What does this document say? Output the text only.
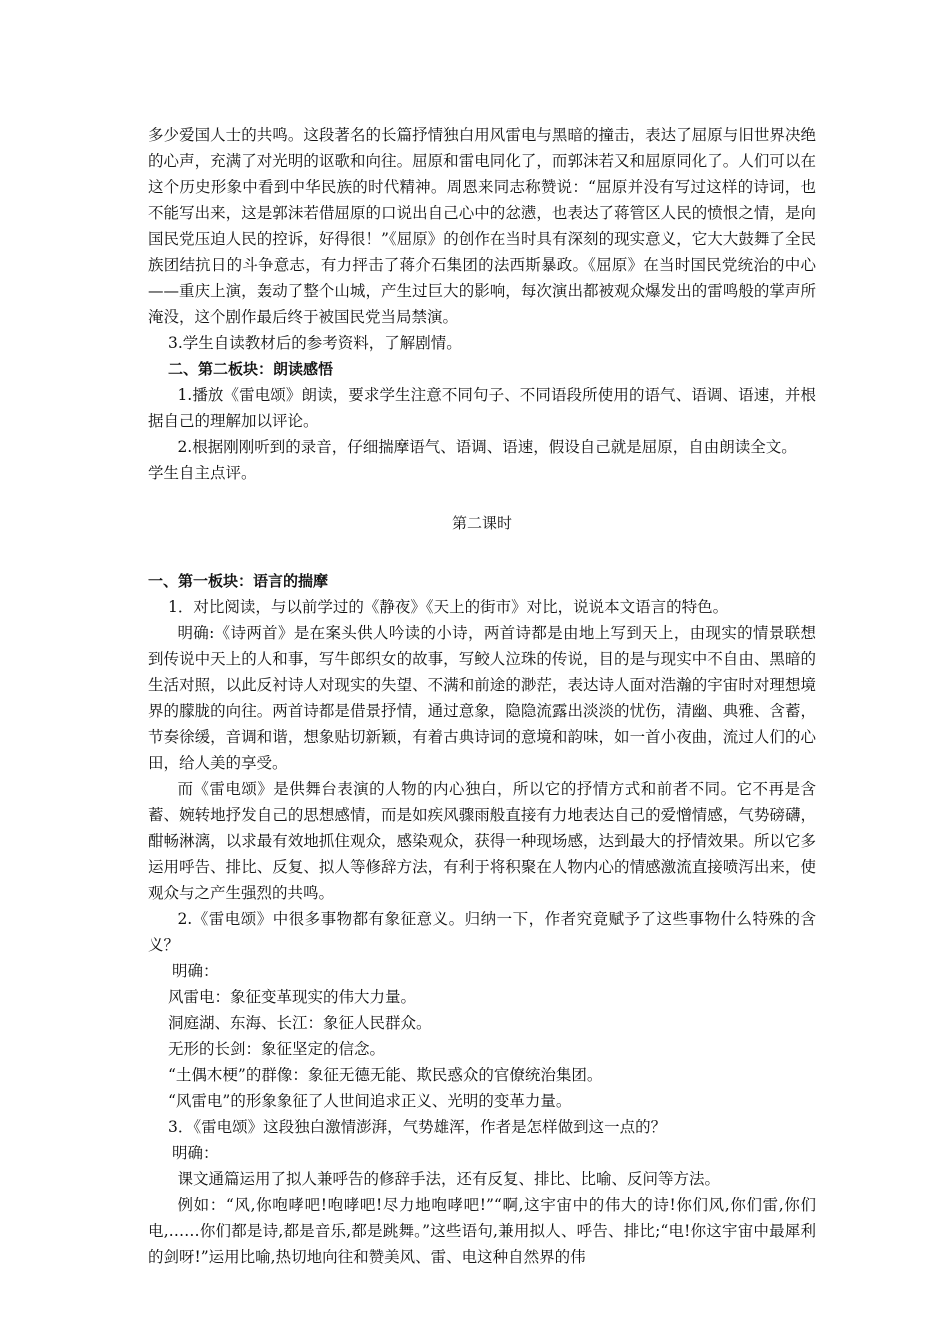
多少爱国人士的共鸣。这段著名的长篇抒情独白用风雷电与黑暗的撞击，表达了屈原与旧世界决绝的心声，充满了对光明的讴歌和向往。屈原和雷电同化了，而郭沫若又和屈原同化了。人们可以在这个历史形象中看到中华民族的时代精神。周恩来同志称赞说：“屈原并没有写过这样的诗词，也不能写出来，这是郭沫若借屈原的口说出自己心中的忿懑，也表达了蒋管区人民的愤恨之情，是向国民党压迫人民的控诉，好得很！”《屈原》的创作在当时具有深刻的现实意义，它大大鼓舞了全民族团结抗日的斗争意志，有力抨击了蒋介石集团的法西斯暴政。《屈原》在当时国民党统治的中心——重庆上演，轰动了整个山城，产生过巨大的影响，每次演出都被观众爆发出的雷鸣般的掌声所淹没，这个剧作最后终于被国民党当局禁演。

3.学生自读教材后的参考资料，了解剧情。

二、第二板块：朗读感悟

1.播放《雷电颂》朗读，要求学生注意不同句子、不同语段所使用的语气、语调、语速，并根据自己的理解加以评论。

2.根据刚刚听到的录音，仔细揣摩语气、语调、语速，假设自己就是屈原，自由朗读全文。
学生自主点评。

第二课时

一、第一板块：语言的揣摩

1．对比阅读，与以前学过的《静夜》《天上的街市》对比，说说本文语言的特色。

明确:《诗两首》是在案头供人吟读的小诗，两首诗都是由地上写到天上，由现实的情景联想到传说中天上的人和事，写牛郎织女的故事，写鲛人泣珠的传说，目的是与现实中不自由、黑暗的生活对照，以此反衬诗人对现实的失望、不满和前途的渺茫，表达诗人面对浩瀚的宇宙时对理想境界的朦胧的向往。两首诗都是借景抒情，通过意象，隐隐流露出淡淡的忧伤，清幽、典雅、含蓄，节奏徐缓，音调和谐，想象贴切新颖，有着古典诗词的意境和韵味，如一首小夜曲，流过人们的心田，给人美的享受。

而《雷电颂》是供舞台表演的人物的内心独白，所以它的抒情方式和前者不同。它不再是含蓄、婉转地抒发自己的思想感情，而是如疾风骤雨般直接有力地表达自己的爱憎情感，气势磅礴，酣畅淋漓，以求最有效地抓住观众，感染观众，获得一种现场感，达到最大的抒情效果。所以它多运用呼告、排比、反复、拟人等修辞方法，有利于将积聚在人物内心的情感激流直接喷泻出来，使观众与之产生强烈的共鸣。

2.《雷电颂》中很多事物都有象征意义。归纳一下，作者究竟赋予了这些事物什么特殊的含义？

明确：

风雷电：象征变革现实的伟大力量。

洞庭湖、东海、长江：象征人民群众。

无形的长剑：象征坚定的信念。

“土偶木梗”的群像：象征无德无能、欺民惑众的官僚统治集团。

“风雷电”的形象象征了人世间追求正义、光明的变革力量。

3．《雷电颂》这段独白激情澎湃，气势雄浑，作者是怎样做到这一点的？

明确：

课文通篇运用了拟人兼呼告的修辞手法，还有反复、排比、比喻、反问等方法。

例如：“风,你咆哮吧!咆哮吧!尽力地咆哮吧!”“啊,这宇宙中的伟大的诗!你们风,你们雷,你们电,……你们都是诗,都是音乐,都是跳舞。”这些语句,兼用拟人、呼告、排比;“电!你这宇宙中最犀利的剑呀!”运用比喻,热切地向往和赞美风、雷、电这种自然界的伟
